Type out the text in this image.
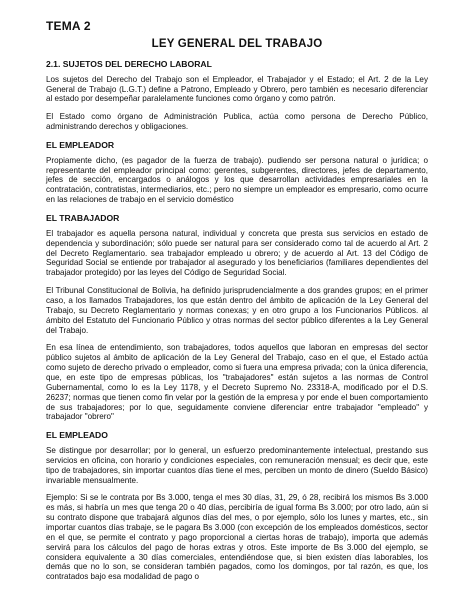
TEMA 2
LEY GENERAL DEL TRABAJO
2.1. SUJETOS DEL DERECHO LABORAL

Los sujetos del Derecho del Trabajo son el Empleador, el Trabajador y el Estado; el Art. 2 de la Ley General de Trabajo (L.G.T.) define a Patrono, Empleado y Obrero, pero también es necesario diferenciar al estado por desempeñar paralelamente funciones como órgano y como patrón.

El Estado como órgano de Administración Publica, actúa como persona de Derecho Público, administrando derechos y obligaciones.

EL EMPLEADOR

Propiamente dicho, (es pagador de la fuerza de trabajo). pudiendo ser persona natural o jurídica; o representante del empleador principal como: gerentes, subgerentes, directores, jefes de departamento, jefes de sección, encargados o análogos y los que desarrollan actividades empresariales en la contratación, contratistas, intermediarios, etc.; pero no siempre un empleador es empresario, como ocurre en las relaciones de trabajo en el servicio doméstico

EL TRABAJADOR

El trabajador es aquella persona natural, individual y concreta que presta sus servicios en estado de dependencia y subordinación; sólo puede ser natural para ser considerado como tal de acuerdo al Art. 2 del Decreto Reglamentario. sea trabajador empleado u obrero; y de acuerdo al Art. 13 del Código de Seguridad Social se entiende por trabajador al asegurado y los beneficiarios (familiares dependientes del trabajador protegido) por las leyes del Código de Seguridad Social.

El Tribunal Constitucional de Bolivia, ha definido jurisprudencialmente a dos grandes grupos; en el primer caso, a los llamados Trabajadores, los que están dentro del ámbito de aplicación de la Ley General del Trabajo, su Decreto Reglamentario y normas conexas; y en otro grupo a los Funcionarios Públicos. al ámbito del Estatuto del Funcionario Público y otras normas del sector público diferentes a la Ley General del Trabajo.

En esa línea de entendimiento, son trabajadores, todos aquellos que laboran en empresas del sector público sujetos al ámbito de aplicación de la Ley General del Trabajo, caso en el que, el Estado actúa como sujeto de derecho privado o empleador, como si fuera una empresa privada; con la única diferencia, que, en este tipo de empresas públicas, los "trabajadores" están sujetos a las normas de Control Gubernamental, como lo es la Ley 1178, y el Decreto Supremo No. 23318-A, modificado por el D.S. 26237; normas que tienen como fin velar por la gestión de la empresa y por ende el buen comportamiento de sus trabajadores; por lo que, seguidamente conviene diferenciar entre trabajador "empleado" y trabajador "obrero"

EL EMPLEADO

Se distingue por desarrollar; por lo general, un esfuerzo predominantemente intelectual, prestando sus servicios en oficina, con horario y condiciones especiales, con remuneración mensual; es decir que, este tipo de trabajadores, sin importar cuantos días tiene el mes, perciben un monto de dinero (Sueldo Básico) invariable mensualmente.

Ejemplo: Si se le contrata por Bs 3.000, tenga el mes 30 días, 31, 29, ó 28, recibirá los mismos Bs 3.000 es más, si habría un mes que tenga 20 o 40 días, percibiría de igual forma Bs 3.000; por otro lado, aún si su contrato dispone que trabajará algunos días del mes, o por ejemplo, sólo los lunes y martes, etc., sin importar cuantos días trabaje, se le pagara Bs 3.000 (con excepción de los empleados domésticos, sector en el que, se permite el contrato y pago proporcional a ciertas horas de trabajo), importa que además servirá para los cálculos del pago de horas extras y otros. Este importe de Bs 3.000 del ejemplo, se considera equivalente a 30 días comerciales, entendiéndose que, si bien existen días laborables, los demás que no lo son, se consideran también pagados, como los domingos, por tal razón, es que, los contratados bajo esa modalidad de pago o
